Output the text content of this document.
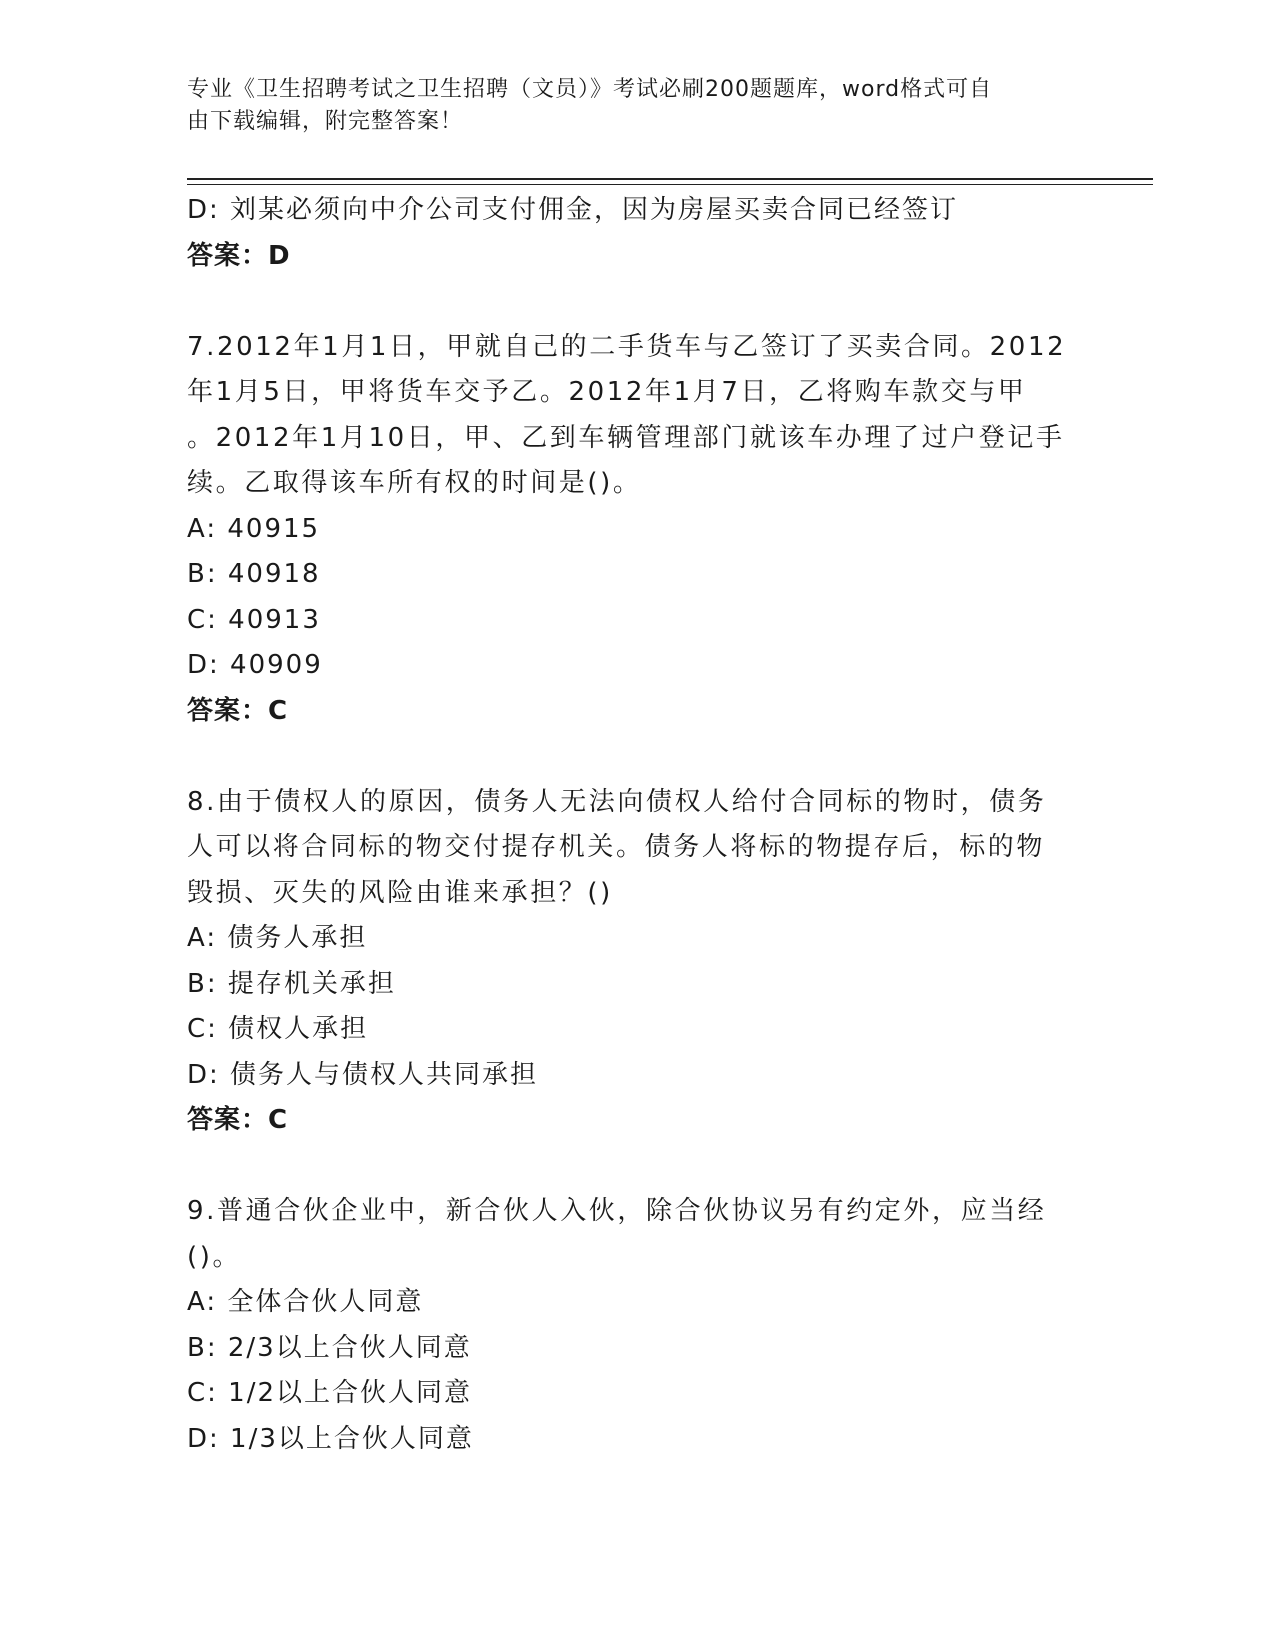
专业《卫生招聘考试之卫生招聘（文员）》考试必刷200题题库，word格式可自
由下载编辑，附完整答案！
D: 刘某必须向中介公司支付佣金，因为房屋买卖合同已经签订
答案：D
7.2012年1月1日，甲就自己的二手货车与乙签订了买卖合同。2012
年1月5日，甲将货车交予乙。2012年1月7日，乙将购车款交与甲
。2012年1月10日，甲、乙到车辆管理部门就该车办理了过户登记手
续。乙取得该车所有权的时间是()。
A: 40915
B: 40918
C: 40913
D: 40909
答案：C
8.由于债权人的原因，债务人无法向债权人给付合同标的物时，债务
人可以将合同标的物交付提存机关。债务人将标的物提存后，标的物
毁损、灭失的风险由谁来承担？()
A: 债务人承担
B: 提存机关承担
C: 债权人承担
D: 债务人与债权人共同承担
答案：C
9.普通合伙企业中，新合伙人入伙，除合伙协议另有约定外，应当经
()。
A: 全体合伙人同意
B: 2/3以上合伙人同意
C: 1/2以上合伙人同意
D: 1/3以上合伙人同意
